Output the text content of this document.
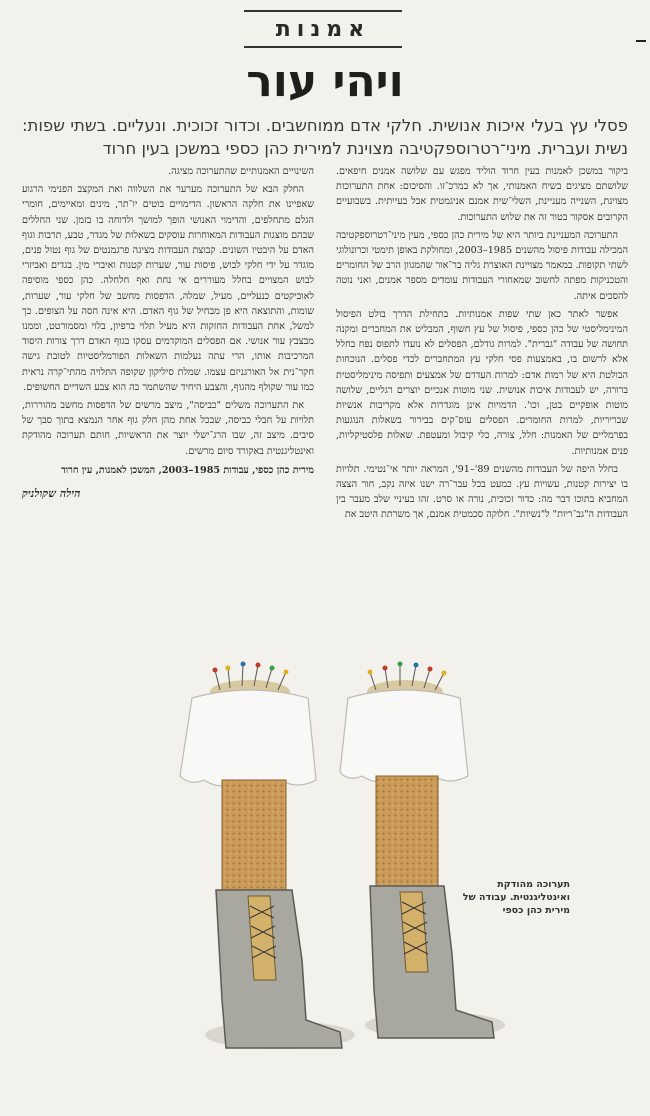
אמנות
ויהי עור

פסלי עץ בעלי איכות אנושית. חלקי אדם ממוחשבים. וכדור זכוכית. ונעליים. בשתי שפות: נשית ועברית. מיני־רטרוספקטיבה מצוינת למירית כהן כספי במשכן בעין חרוד

ביקור במשכן לאמנות בעין חרוד הוליד מפגש עם שלושה אמנים חיפאים. שלושתם מציגים בשיח האמנותי, אך לא במרכ־זו. והסיכום: אחת התערוכות מצוינת, השנייה מעניינת, השלי־שית אמנם אניגמטית אבל בעייתית. בשבועיים הקרובים אסקור בטור זה את שלוש התערוכות.

התערוכה המעניינת ביותר היא של מירית כהן כספי, מעין מיני־רטרוספקטיבה המכילה עבודות פיסול מהשנים 1985–2003, ומחולקת באופן תימטי וכרונולוגי לשתי תקופות. במאמר מצויינת האוצרת גליה בר־אור שהמגוון הרב של החומרים והטכניקות מפתה לחשוב שמאחורי העבודות עומדים מספר אמנים, ואני נוטה להסכים איתה.

אפשר לאתר כאן שתי שפות אמנותיות. בתחילת הדרך בולט הפיסול המינימליסטי של כהן כספי, פיסול של עץ חשוף, המבליט את המחברים ומקנה תחושה של עבודה "גברית". למרות גודלם, הפסלים לא נועדו לתפוס נפח בחלל אלא לרשום בו, באמצעות פסי חלקי עץ המתחברים לכדי פסלים. הנוכחות הבולטת היא של רמות אדם: למרות העדרם של אמצעים ותפיסה מינימליסטית ברורה, יש לעבודות איכות אנושית. שני מוטות אנכיים יוצרים רגליים, שלושה מוטות אופקיים בטן, וכו'. הדמויות אינן מוגדרות אלא מקריבות אנשיות שבריריות, למרות החומרים. הפסלים עוס־קים בבירור בשאלות הנוגעות בפרמליים של האמנות: חלל, צורה, כלי קיבול ומעטפת. שאלות פלסטיקליות, פנים אמנותיות.

בחלל היפה של העבודות מהשנים 89'–91', המראה יותר אי־נטימי. תלויות בו יצירות קטנות, עשויות עץ. כמעט בכל עבר־רה ישנו איזה נקב, חור הצצה המחביא בתוכו דבר מה: כדור זכוכית, נורה או סרט. זהו בעיניי שלב מעבר בין העבודות ה"גב־ריות" ל"נשיות". חלוקה סכמטית אמנם, אך משרתת היטב את

השינויים האמנותיים שהתערוכה מציגה.

החלק הבא של התערוכה מערער את השלווה ואת המקצב הפנימי הרגוע שאפיינו את חלקה הראשון. הדימויים בוטים יו־תר, מינים ומאיימים, חומרי הגלם מתחלפים, והדימוי האנושי הופך למושך ולדוחה בו בזמן. שני החללים שבהם מוצגות העבודות המאוחרות עוסקים בשאלות של מגדר, טבע, תרבות וגוף האדם על היבטיו השונים. קבוצת העבודות מציגה פרגמנטים של גוף נטול פנים, מוגדר על ידי חלקי לבוש, פיסות עור, שערות קטנות ואיברי מין. בגדים ואביזרי לבוש המצויים בחלל מעוררים אי נחת ואף חלחלה. כהן כספי מוסיפה לאוביקטים כנעליים, מעיל, שמלה, הדפסות מחשב של חלקי עור, שערות, שומות, והתוצאה היא פן מבחיל של גוף האדם. היא אינה חסה על הצופים. כך למשל, אחת העבודות החזקות היא מעיל תלוי ברפיון, בלוי ומסמורטט, וממנו מבצבץ עור אנושי. אם הפסלים המוקדמים עסקו בגוף האדם דרך צורות היסוד המרכיבות אותו, הרי עתה נעלמות השאלות הפורמליסטיות לטובת גישה חקר־נית אל האורגניזם עצמו. שמלת סיליקון שקופה התלויה מהתי־קרה נראית כמו עור שקולף מהגוף, והצבע היחיד שהשתמר בה הוא צבע השדיים החשופים.

את התערוכה משלים "כביסה", מיצב מרשים של הדפסות מחשב מהוררות, תלויות על חבלי כביסה, שבכל אחת מהן חלק גוף אחר הנמצא בתוך סבך של סיבים. מיצב זה, שבו הרג־ישלי יוצר את הראשיות, חותם תערוכה מהודקת ואינטליגנטית באקורד סיום מרשים.

מירית כהן כספי, עבודות 1985–2003, המשכן לאמנות, עין חרוד
הילה שקולניק
תערוכה מהודקת ואינטליגנטית. עבודה של מירית כהן כספי
